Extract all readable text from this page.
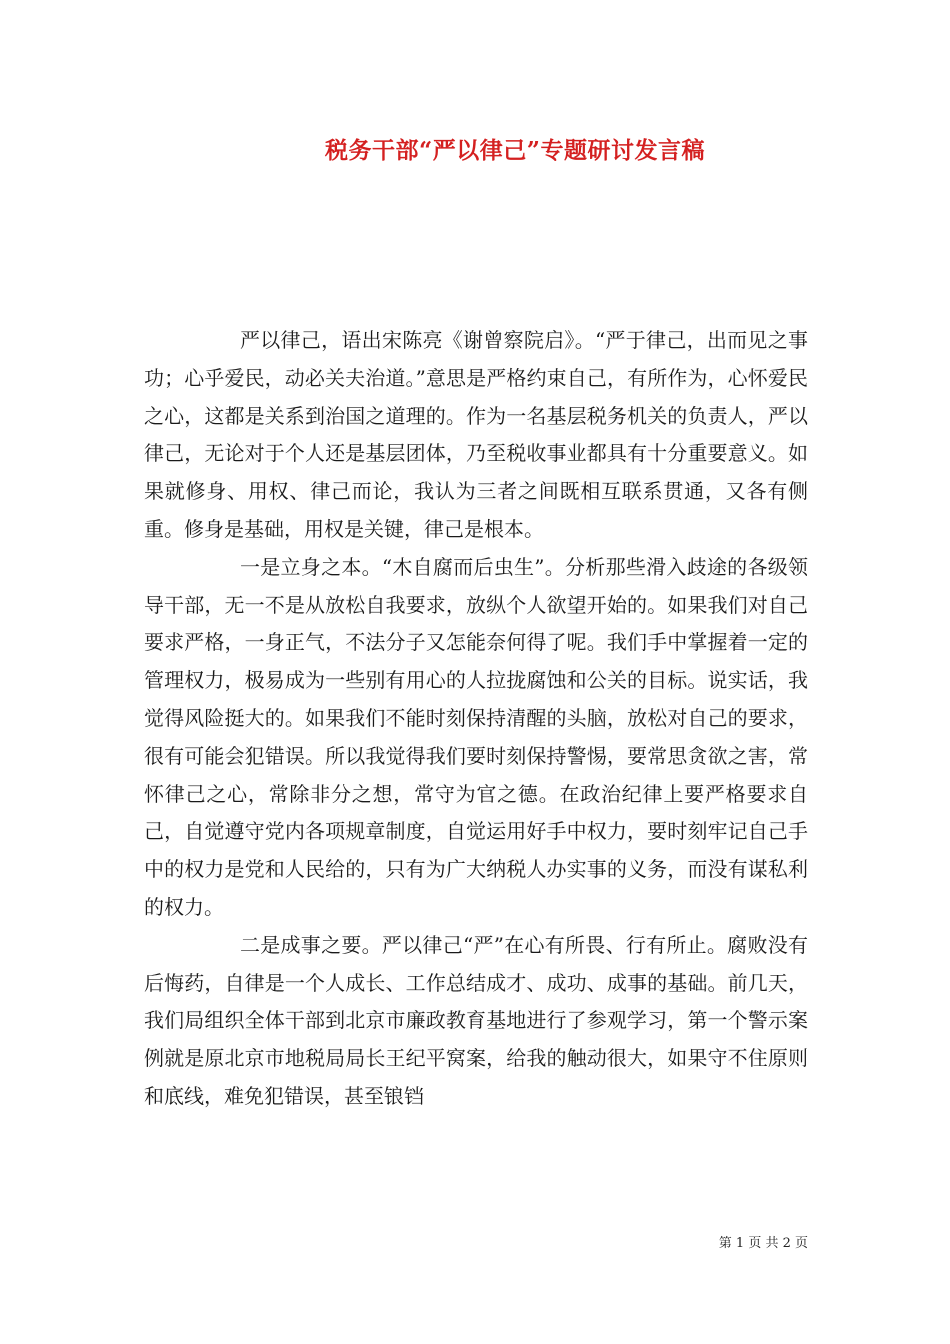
税务干部“严以律己”专题研讨发言稿

严以律己，语出宋陈亮《谢曾察院启》。“严于律己，出而见之事功；心乎爱民，动必关夫治道。”意思是严格约束自己，有所作为，心怀爱民之心，这都是关系到治国之道理的。作为一名基层税务机关的负责人，严以律己，无论对于个人还是基层团体，乃至税收事业都具有十分重要意义。如果就修身、用权、律己而论，我认为三者之间既相互联系贯通，又各有侧重。修身是基础，用权是关键，律己是根本。

一是立身之本。“木自腐而后虫生”。分析那些滑入歧途的各级领导干部，无一不是从放松自我要求，放纵个人欲望开始的。如果我们对自己要求严格，一身正气，不法分子又怎能奈何得了呢。我们手中掌握着一定的管理权力，极易成为一些别有用心的人拉拢腐蚀和公关的目标。说实话，我觉得风险挺大的。如果我们不能时刻保持清醒的头脑，放松对自己的要求，很有可能会犯错误。所以我觉得我们要时刻保持警惕，要常思贪欲之害，常怀律己之心，常除非分之想，常守为官之德。在政治纪律上要严格要求自己，自觉遵守党内各项规章制度，自觉运用好手中权力，要时刻牢记自己手中的权力是党和人民给的，只有为广大纳税人办实事的义务，而没有谋私利的权力。

二是成事之要。严以律己“严”在心有所畏、行有所止。腐败没有后悔药，自律是一个人成长、工作总结成才、成功、成事的基础。前几天，我们局组织全体干部到北京市廉政教育基地进行了参观学习，第一个警示案例就是原北京市地税局局长王纪平窝案，给我的触动很大，如果守不住原则和底线，难免犯错误，甚至锒铛

第 1 页 共 2 页
